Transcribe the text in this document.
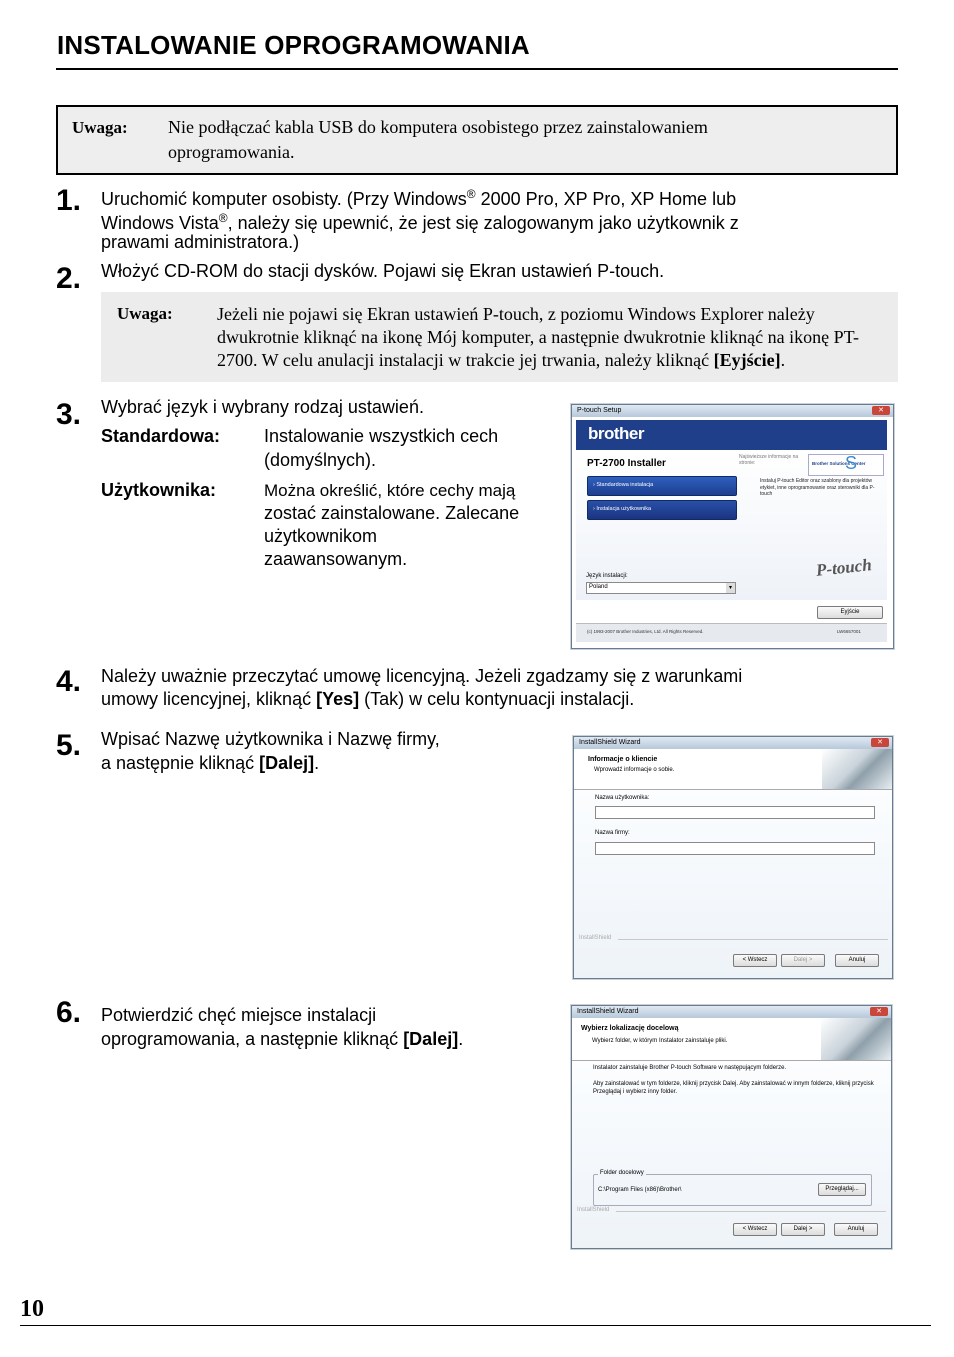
INSTALOWANIE OPROGRAMOWANIA
Uwaga: Nie podłączać kabla USB do komputera osobistego przez zainstalowaniem
oprogramowania.
1. Uruchomić komputer osobisty. (Przy Windows® 2000 Pro, XP Pro, XP Home lub
Windows Vista®, należy się upewnić, że jest się zalogowanym jako użytkownik z
prawami administratora.)
2. Włożyć CD-ROM do stacji dysków. Pojawi się Ekran ustawień P-touch.
Uwaga: Jeżeli nie pojawi się Ekran ustawień P-touch, z poziomu Windows Explorer należy
dwukrotnie kliknąć na ikonę Mój komputer, a następnie dwukrotnie kliknąć na ikonę PT-
2700. W celu anulacji instalacji w trakcie jej trwania, należy kliknąć [Eyjście].
3. Wybrać język i wybrany rodzaj ustawień.
Standardowa: Instalowanie wszystkich cech
(domyślnych).
Użytkownika:	Można określić, które cechy mają
zostać zainstalowane. Zalecane
użytkownikom
zaawansowanym.
P-touch Setup	✕
brother
PT-2700 Installer
Najświeższe informacje na stronie:	Brother Solutions Center
S
› Standardowa instalacja
› Instalacja użytkownika
Instaluj P-touch Editor oraz szablony dla projektów etykiet, inne oprogramowanie oraz sterowniki dla P-touch
Język instalacji:
Poland	▾
P-touch
Eyjście
(c) 1993-2007 Brother Industries, Ltd. All Rights Reserved.	LW6657001
4. Należy uważnie przeczytać umowę licencyjną. Jeżeli zgadzamy się z warunkami
umowy licencyjnej, kliknąć [Yes] (Tak) w celu kontynuacji instalacji.
5. Wpisać Nazwę użytkownika i Nazwę firmy,
a następnie kliknąć [Dalej].
InstallShield Wizard	✕
Informacje o kliencie
Wprowadź informacje o sobie.
Nazwa użytkownika:
Nazwa firmy:
InstallShield
< Wstecz	Dalej >	Anuluj
6. Potwierdzić chęć miejsce instalacji
oprogramowania, a następnie kliknąć [Dalej].
InstallShield Wizard	✕
Wybierz lokalizację docelową
Wybierz folder, w którym Instalator zainstaluje pliki.
Instalator zainstaluje Brother P-touch Software w następującym folderze.
Aby zainstalować w tym folderze, kliknij przycisk Dalej. Aby zainstalować w innym folderze, kliknij przycisk Przeglądaj i wybierz inny folder.
Folder docelowy
C:\Program Files (x86)\Brother\	Przeglądaj...
InstallShield
< Wstecz	Dalej >	Anuluj
10
